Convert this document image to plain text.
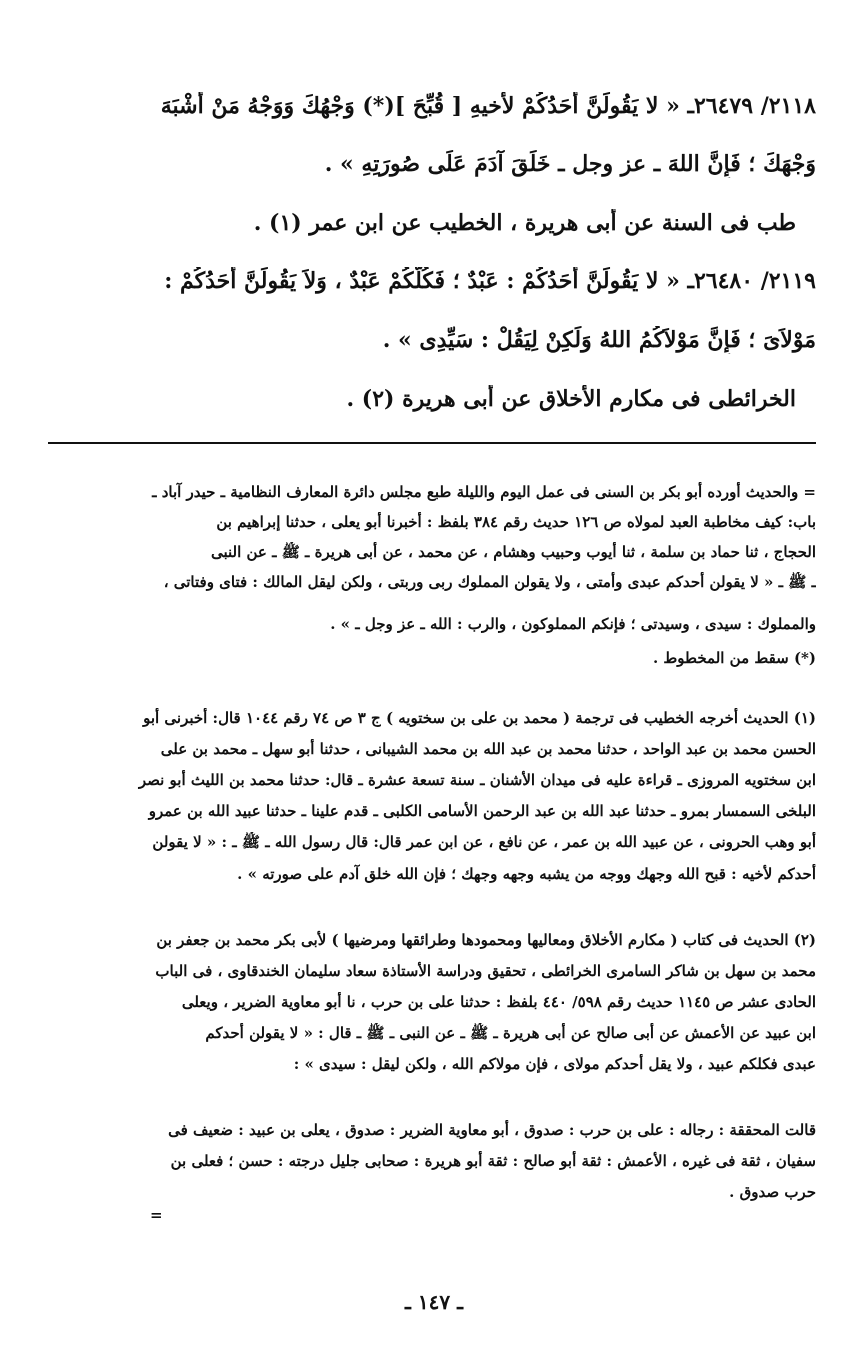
٢١١٨/ ٢٦٤٧٩ـ « لا يَقُولَنَّ أَحَدُكُمْ لأخيهِ [ قُبِّحَ ](*) وَجْهُكَ وَوَجْهُ مَنْ أَشْبَهَ
وَجْهَكَ ؛ فَإِنَّ اللهَ ـ عز وجل ـ خَلَقَ آدَمَ عَلَى صُورَتِهِ » .
طب فى السنة عن أبى هريرة ، الخطيب عن ابن عمر (١) .
٢١١٩/ ٢٦٤٨٠ـ « لا يَقُولَنَّ أَحَدُكُمْ : عَبْدٌ ؛ فَكُلُّكُمْ عَبْدٌ ، وَلاَ يَقُولَنَّ أَحَدُكُمْ :
مَوْلاَىَ ؛ فَإِنَّ مَوْلاَكُمُ اللهُ وَلَكِنْ لِيَقُلْ : سَيِّدِى » .
الخرائطى فى مكارم الأخلاق عن أبى هريرة (٢) .
= والحديث أورده أبو بكر بن السنى فى عمل اليوم والليلة طبع مجلس دائرة المعارف النظامية ـ حيدر آباد ـ
باب: كيف مخاطبة العبد لمولاه ص ١٢٦ حديث رقم ٣٨٤ بلفظ : أخبرنا أبو يعلى ، حدثنا إبراهيم بن
الحجاج ، ثنا حماد بن سلمة ، ثنا أيوب وحبيب وهشام ، عن محمد ، عن أبى هريرة ـ ﷺ ـ عن النبى
ـ ﷺ ـ « لا يقولن أحدكم عبدى وأمتى ، ولا يقولن المملوك ربى وربتى ، ولكن ليقل المالك : فتاى وفتاتى ،
والمملوك : سيدى ، وسيدتى ؛ فإنكم المملوكون ، والرب : الله ـ عز وجل ـ » .
(*) سقط من المخطوط .
(١) الحديث أخرجه الخطيب فى ترجمة ( محمد بن على بن سختويه ) ج ٣ ص ٧٤ رقم ١٠٤٤ قال: أخبرنى أبو
الحسن محمد بن عبد الواحد ، حدثنا محمد بن عبد الله بن محمد الشيبانى ، حدثنا أبو سهل ـ محمد بن على
ابن سختويه المروزى ـ قراءة عليه فى ميدان الأشنان ـ سنة تسعة عشرة ـ قال: حدثنا محمد بن الليث أبو نصر
البلخى السمسار بمرو ـ حدثنا عبد الله بن عبد الرحمن الأسامى الكلبى ـ قدم علينا ـ حدثنا عبيد الله بن عمرو
أبو وهب الحرونى ، عن عبيد الله بن عمر ، عن نافع ، عن ابن عمر قال: قال رسول الله ـ ﷺ ـ : « لا يقولن
أحدكم لأخيه : قبح الله وجهك ووجه من يشبه وجهه وجهك ؛ فإن الله خلق آدم على صورته » .
(٢) الحديث فى كتاب ( مكارم الأخلاق ومعاليها ومحمودها وطرائقها ومرضيها ) لأبى بكر محمد بن جعفر بن
محمد بن سهل بن شاكر السامرى الخرائطى ، تحقيق ودراسة الأستاذة سعاد سليمان الخندقاوى ، فى الباب
الحادى عشر ص ١١٤٥ حديث رقم ٥٩٨/ ٤٤٠ بلفظ : حدثنا على بن حرب ، نا أبو معاوية الضرير ، ويعلى
ابن عبيد عن الأعمش عن أبى صالح عن أبى هريرة ـ ﷺ ـ عن النبى ـ ﷺ ـ قال : « لا يقولن أحدكم
عبدى فكلكم عبيد ، ولا يقل أحدكم مولاى ، فإن مولاكم الله ، ولكن ليقل : سيدى » :
قالت المحققة : رجاله : على بن حرب : صدوق ، أبو معاوية الضرير : صدوق ، يعلى بن عبيد : ضعيف فى
سفيان ، ثقة فى غيره ، الأعمش : ثقة أبو صالح : ثقة أبو هريرة : صحابى جليل درجته : حسن ؛ فعلى بن
حرب صدوق .
=
ـ ١٤٧ ـ
